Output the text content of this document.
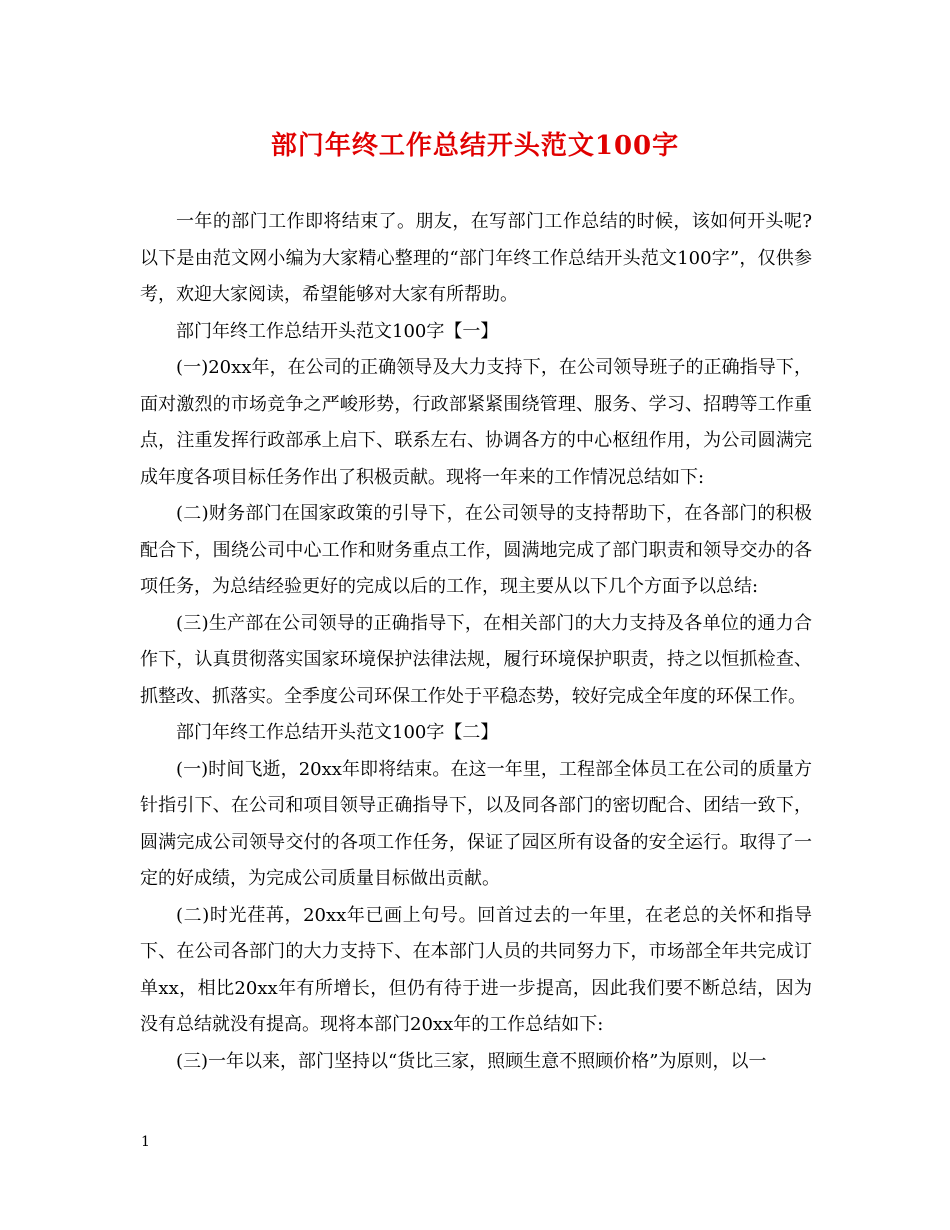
部门年终工作总结开头范文100字

一年的部门工作即将结束了。朋友，在写部门工作总结的时候，该如何开头呢?以下是由范文网小编为大家精心整理的“部门年终工作总结开头范文100字”，仅供参考，欢迎大家阅读，希望能够对大家有所帮助。

部门年终工作总结开头范文100字【一】

(一)20xx年，在公司的正确领导及大力支持下，在公司领导班子的正确指导下，面对激烈的市场竞争之严峻形势，行政部紧紧围绕管理、服务、学习、招聘等工作重点，注重发挥行政部承上启下、联系左右、协调各方的中心枢纽作用，为公司圆满完成年度各项目标任务作出了积极贡献。现将一年来的工作情况总结如下:

(二)财务部门在国家政策的引导下，在公司领导的支持帮助下，在各部门的积极配合下，围绕公司中心工作和财务重点工作，圆满地完成了部门职责和领导交办的各项任务，为总结经验更好的完成以后的工作，现主要从以下几个方面予以总结:

(三)生产部在公司领导的正确指导下，在相关部门的大力支持及各单位的通力合作下，认真贯彻落实国家环境保护法律法规，履行环境保护职责，持之以恒抓检查、抓整改、抓落实。全季度公司环保工作处于平稳态势，较好完成全年度的环保工作。

部门年终工作总结开头范文100字【二】

(一)时间飞逝，20xx年即将结束。在这一年里，工程部全体员工在公司的质量方针指引下、在公司和项目领导正确指导下，以及同各部门的密切配合、团结一致下，圆满完成公司领导交付的各项工作任务，保证了园区所有设备的安全运行。取得了一定的好成绩，为完成公司质量目标做出贡献。

(二)时光荏苒，20xx年已画上句号。回首过去的一年里，在老总的关怀和指导下、在公司各部门的大力支持下、在本部门人员的共同努力下，市场部全年共完成订单xx，相比20xx年有所增长，但仍有待于进一步提高，因此我们要不断总结，因为没有总结就没有提高。现将本部门20xx年的工作总结如下:

(三)一年以来，部门坚持以“货比三家，照顾生意不照顾价格”为原则，以一

1
